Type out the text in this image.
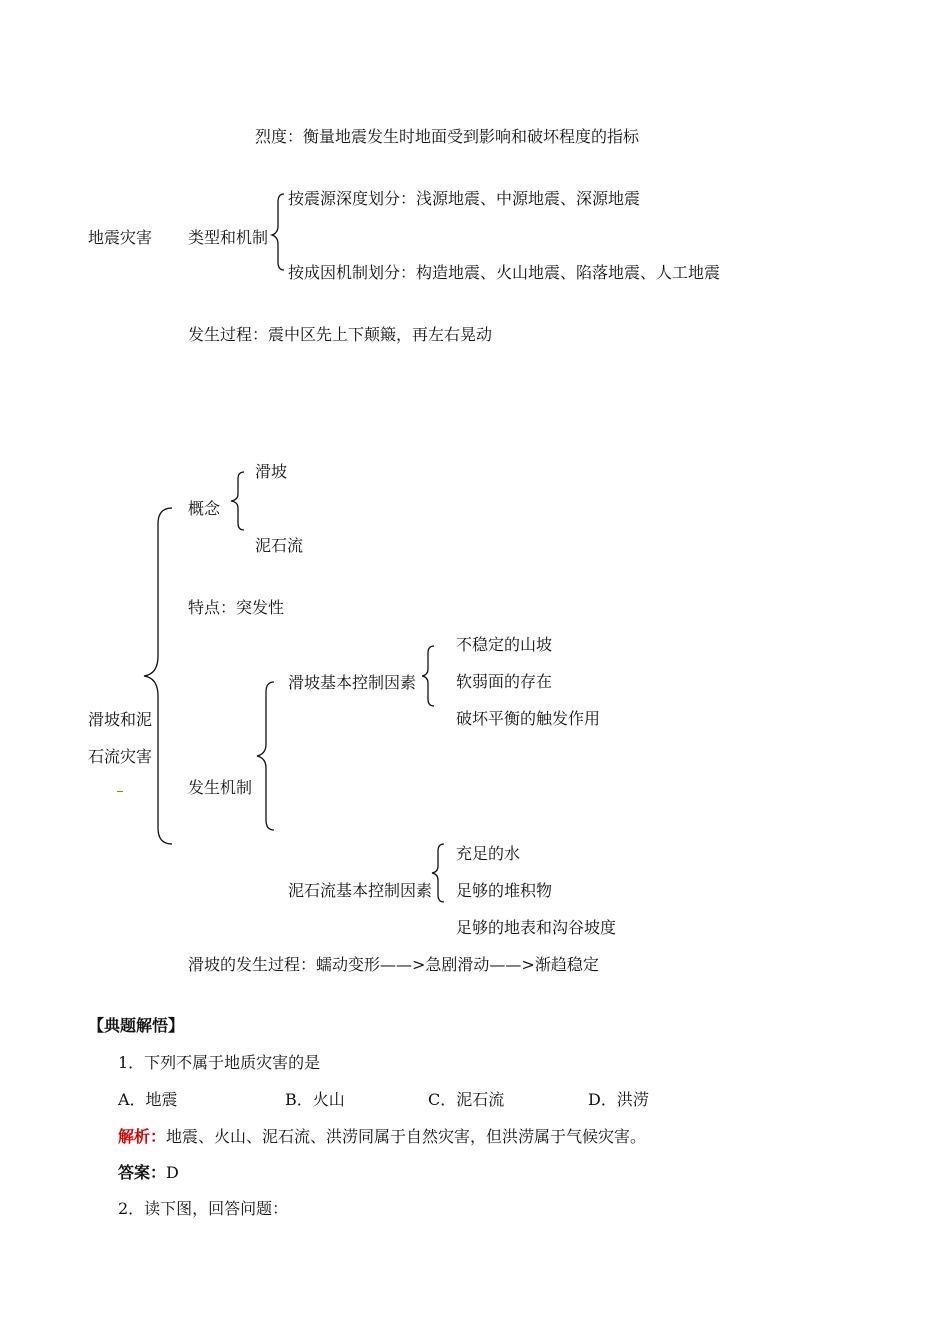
烈度：衡量地震发生时地面受到影响和破坏程度的指标
地震灾害 类型和机制
按震源深度划分：浅源地震、中源地震、深源地震
按成因机制划分：构造地震、火山地震、陷落地震、人工地震
发生过程：震中区先上下颠簸，再左右晃动
滑坡和泥
石流灾害
概念
滑坡
泥石流
特点：突发性
发生机制
滑坡基本控制因素
不稳定的山坡
软弱面的存在
破坏平衡的触发作用
泥石流基本控制因素
充足的水
足够的堆积物
足够的地表和沟谷坡度
滑坡的发生过程：蠕动变形——>急剧滑动——>渐趋稳定
【典题解悟】
1．下列不属于地质灾害的是
A．地震	B．火山	C．泥石流	D．洪涝
解析：地震、火山、泥石流、洪涝同属于自然灾害，但洪涝属于气候灾害。
答案：D
2．读下图，回答问题：
